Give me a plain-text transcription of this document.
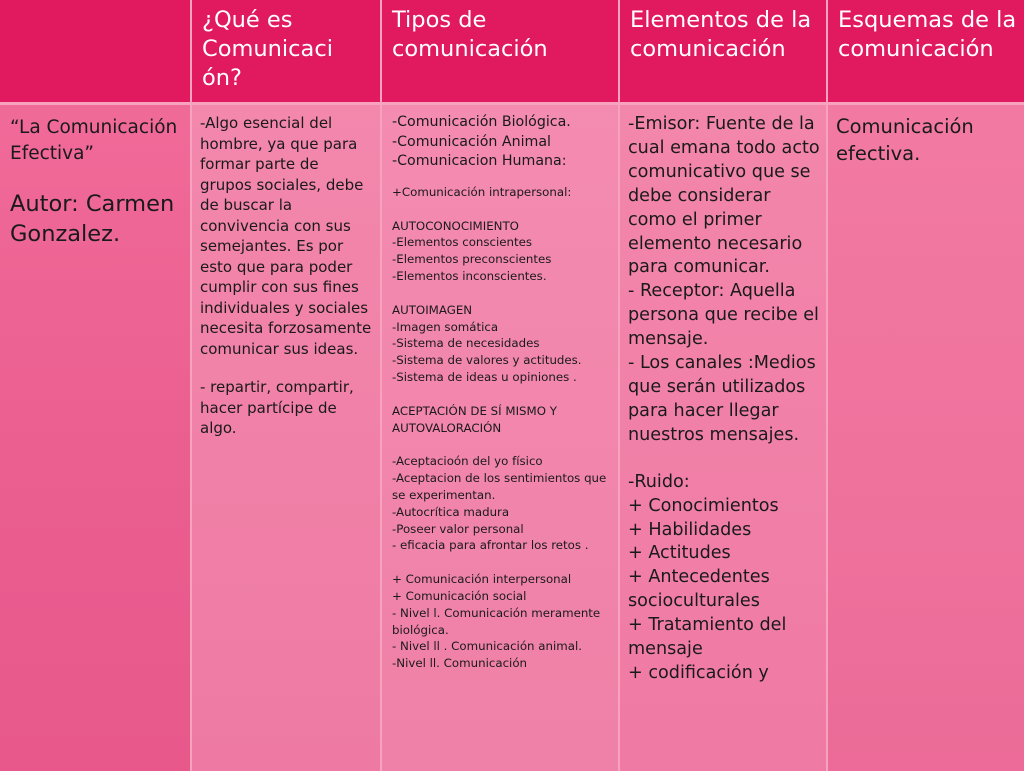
¿Qué es Comunicaci ón?
Tipos de comunicación
Elementos de la comunicación
Esquemas de la comunicación

“La Comunicación Efectiva”

Autor: Carmen Gonzalez.

-Algo esencial del hombre, ya que para formar parte de grupos sociales, debe de buscar la convivencia con sus semejantes. Es por esto que para poder cumplir con sus fines individuales y sociales necesita forzosamente comunicar sus ideas.

- repartir, compartir, hacer partícipe de algo.

-Comunicación Biológica.

-Comunicación Animal

-Comunicacion Humana:

+Comunicación intrapersonal:

AUTOCONOCIMIENTO

-Elementos conscientes

-Elementos preconscientes

-Elementos inconscientes.

AUTOIMAGEN

-Imagen somática

-Sistema de necesidades

-Sistema de valores y actitudes.

-Sistema de ideas u opiniones .

ACEPTACIÓN DE SÍ MISMO Y AUTOVALORACIÓN

-Aceptacioón del yo físico

-Aceptacion de los sentimientos que se experimentan.

-Autocrítica madura

-Poseer valor personal

- eficacia para afrontar los retos .

+ Comunicación interpersonal

+ Comunicación social

- Nivel l. Comunicación meramente biológica.

- Nivel ll . Comunicación animal.

-Nivel ll. Comunicación

-Emisor: Fuente de la cual emana todo acto comunicativo que se debe considerar como el primer elemento necesario para comunicar.

- Receptor: Aquella persona que recibe el mensaje.

- Los canales :Medios que serán utilizados para hacer llegar nuestros mensajes.

-Ruido:

+ Conocimientos

+ Habilidades

+ Actitudes

+ Antecedentes socioculturales

+ Tratamiento del mensaje

+ codificación y

Comunicación efectiva.
